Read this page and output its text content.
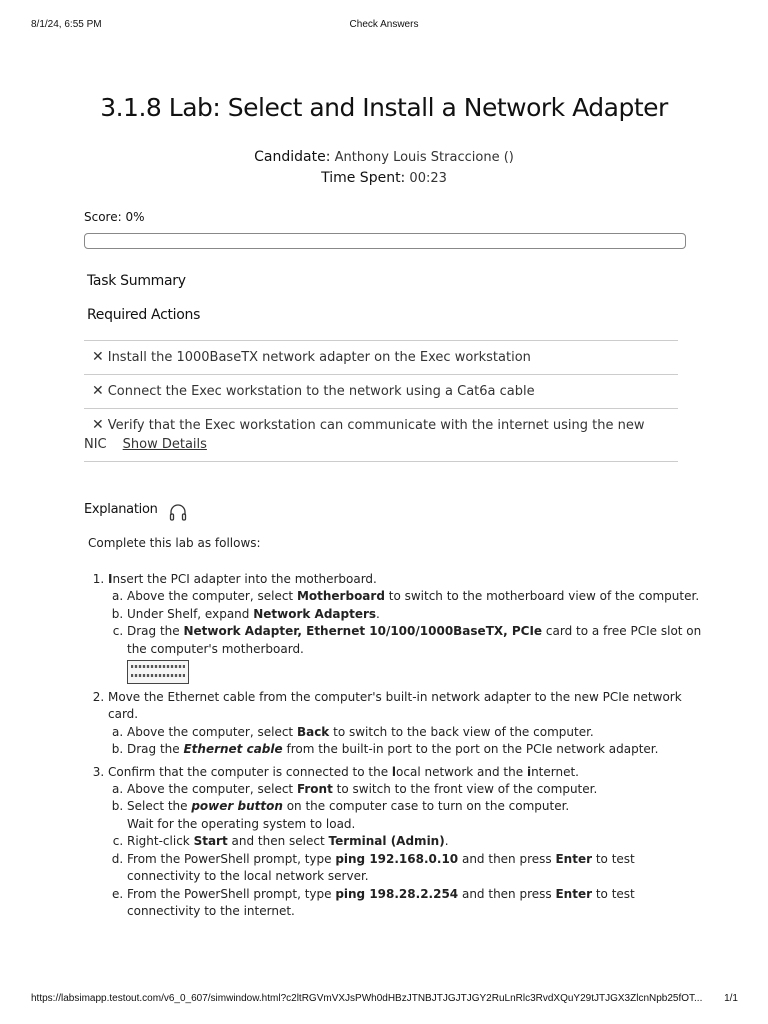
8/1/24, 6:55 PM	Check Answers
3.1.8 Lab: Select and Install a Network Adapter
Candidate: Anthony Louis Straccione ()
Time Spent: 00:23
Score: 0%
Task Summary
Required Actions
✕ Install the 1000BaseTX network adapter on the Exec workstation
✕ Connect the Exec workstation to the network using a Cat6a cable
✕ Verify that the Exec workstation can communicate with the internet using the new
NIC Show Details
Explanation
Complete this lab as follows:
1. Insert the PCI adapter into the motherboard.
a. Above the computer, select Motherboard to switch to the motherboard view of the computer.
b. Under Shelf, expand Network Adapters.
c. Drag the Network Adapter, Ethernet 10/100/1000BaseTX, PCIe card to a free PCIe slot on the computer's motherboard.
2. Move the Ethernet cable from the computer's built-in network adapter to the new PCIe network card.
a. Above the computer, select Back to switch to the back view of the computer.
b. Drag the Ethernet cable from the built-in port to the port on the PCIe network adapter.
3. Confirm that the computer is connected to the local network and the internet.
a. Above the computer, select Front to switch to the front view of the computer.
b. Select the power button on the computer case to turn on the computer.
Wait for the operating system to load.
c. Right-click Start and then select Terminal (Admin).
d. From the PowerShell prompt, type ping 192.168.0.10 and then press Enter to test connectivity to the local network server.
e. From the PowerShell prompt, type ping 198.28.2.254 and then press Enter to test connectivity to the internet.
https://labsimapp.testout.com/v6_0_607/simwindow.html?c2ltRGVmVXJsPWh0dHBzJTNBJTJGJTJGY2RuLnRlc3RvdXQuY29tJTJGX3ZlcnNpb25fOT...	1/1
